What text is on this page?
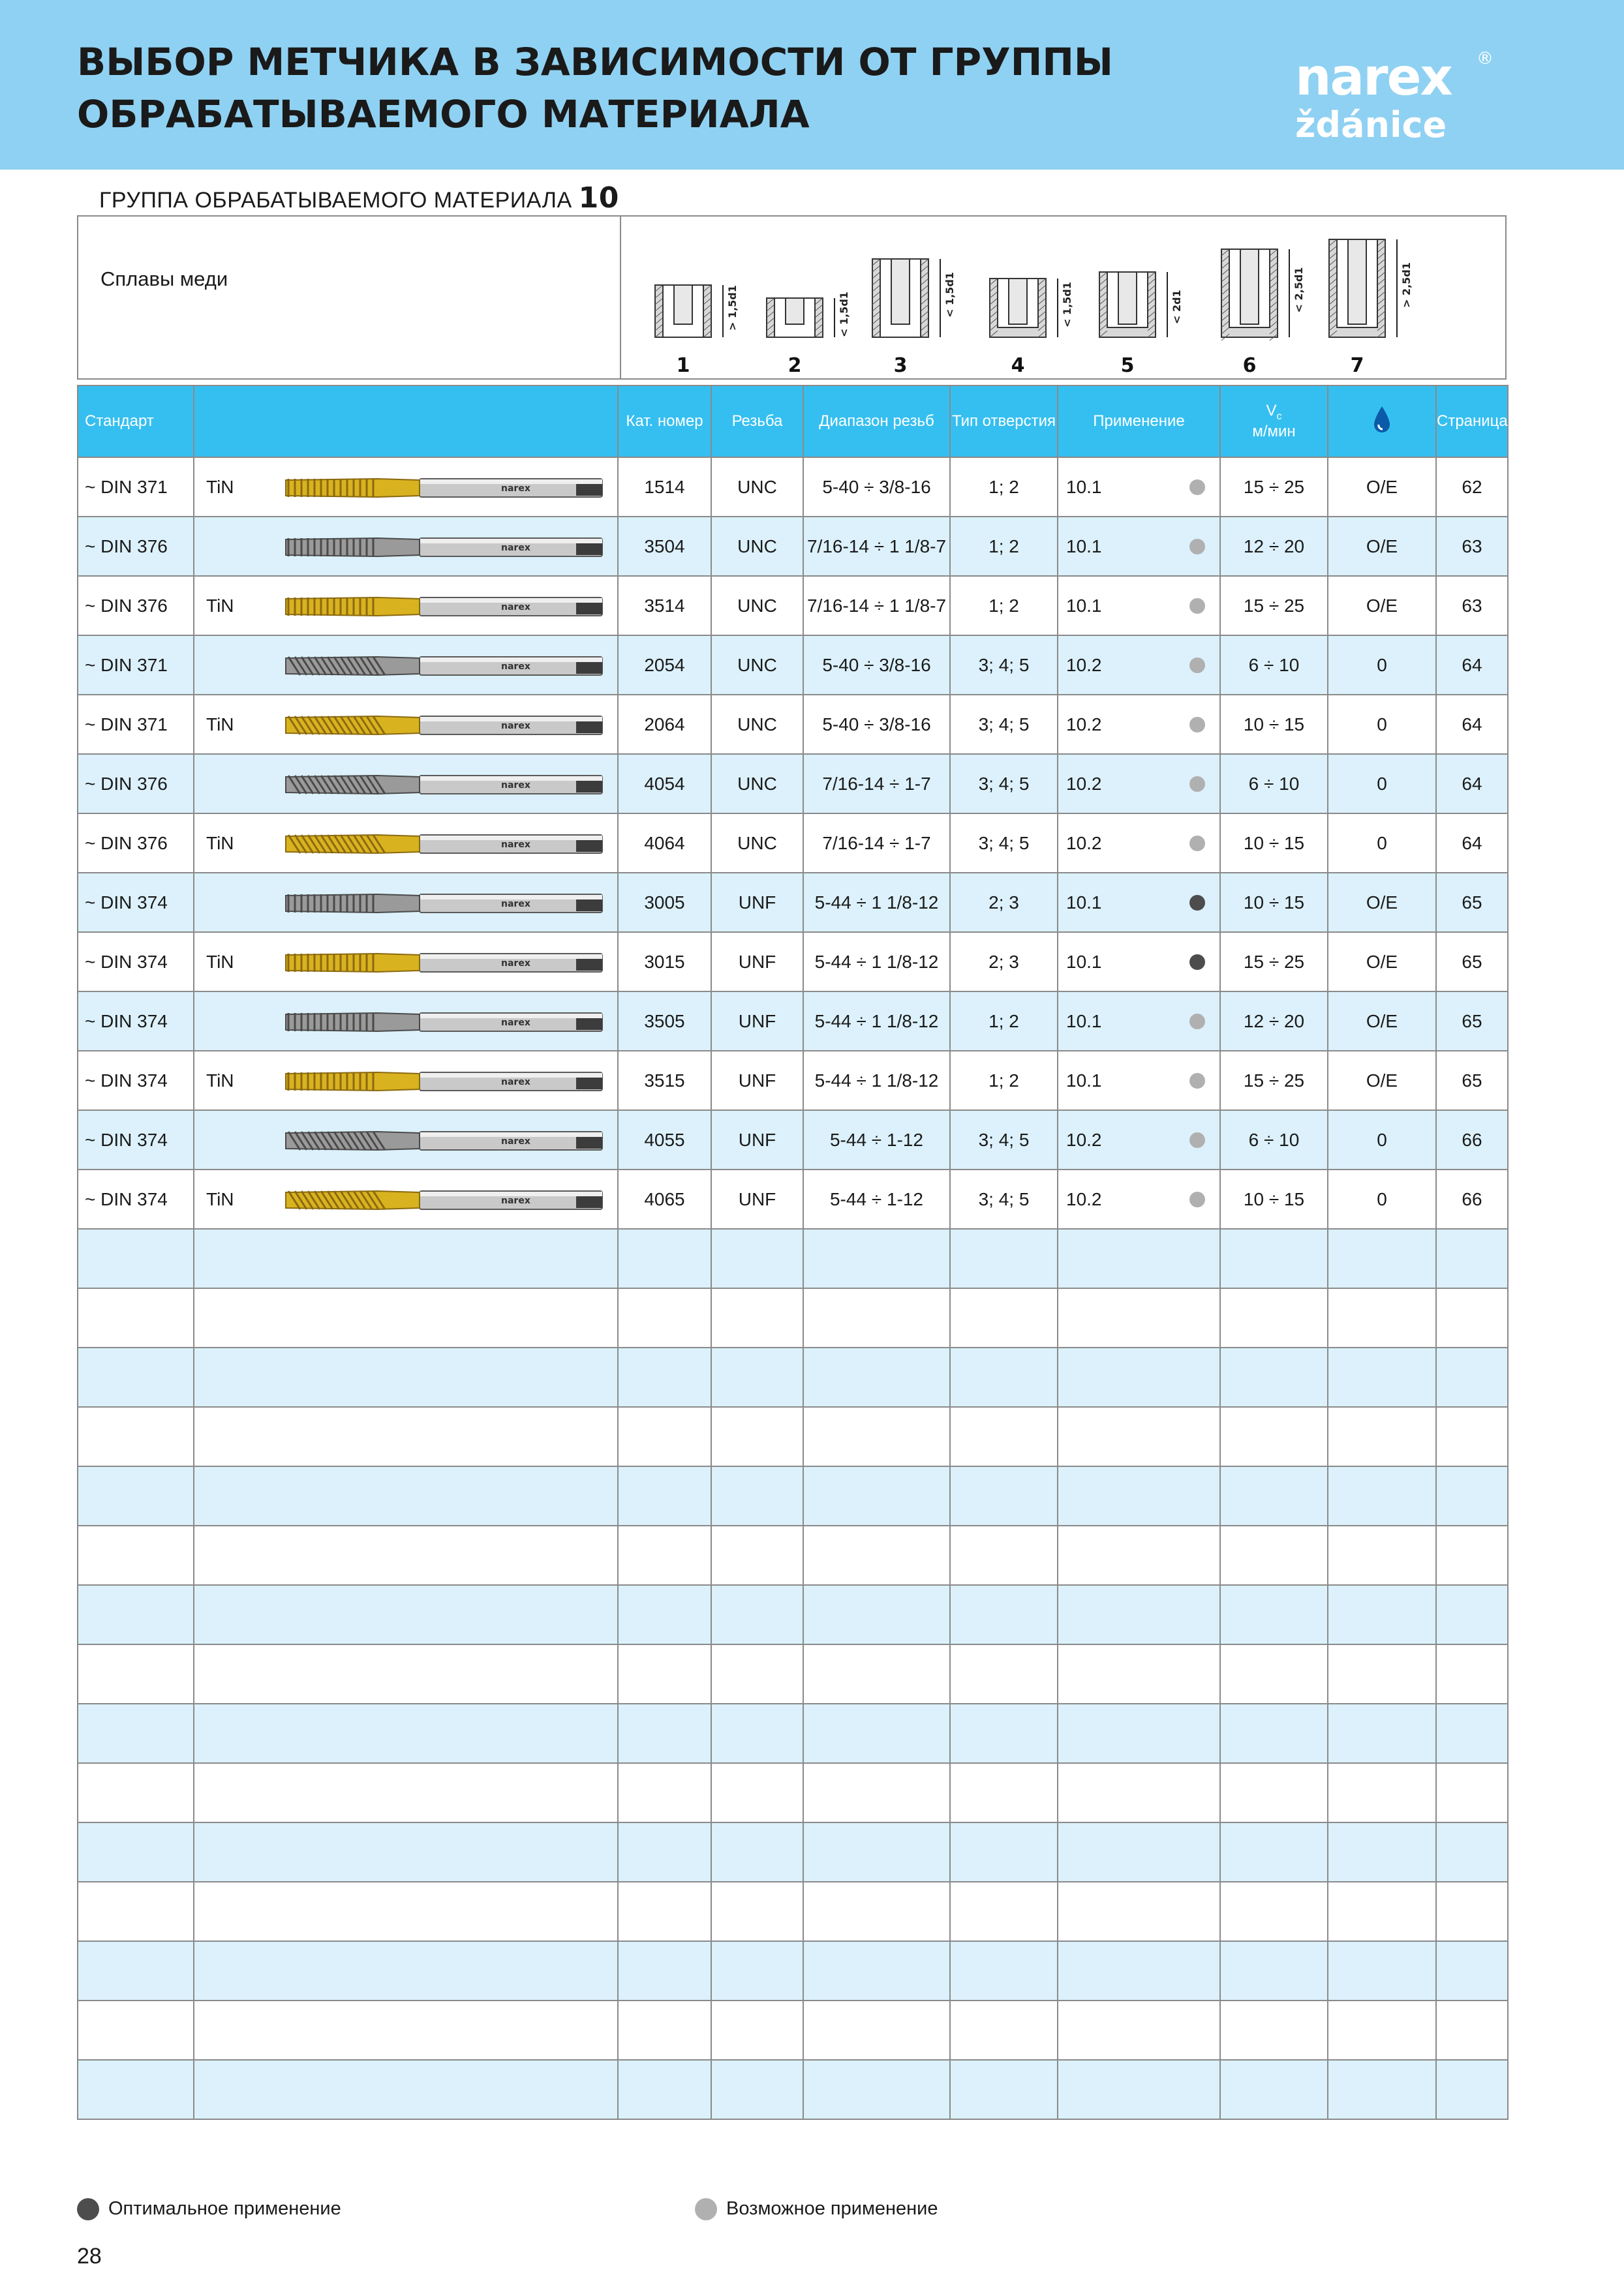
ВЫБОР МЕТЧИКА В ЗАВИСИМОСТИ ОТ ГРУППЫ
ОБРАБАТЫВАЕМОГО МАТЕРИАЛА
narex
ždánice
®
ГРУППА ОБРАБАТЫВАЕМОГО МАТЕРИАЛА 10
Сплавы меди
> 1,5d1
1
< 1,5d1
2
< 1,5d1
3
< 1,5d1
4
< 2d1
5
< 2,5d1
6
> 2,5d1
7
Стандарт		Кат. номер	Резьба	Диапазон резьб	Тип отверстия	Применение	$V_c$
м/мин		Страница
~ DIN 371	TiN narex	1514	UNC	5-40 ÷ 3/8-16	1; 2	10.1	15 ÷ 25	O/E	62
~ DIN 376	narex	3504	UNC	7/16-14 ÷ 1 1/8-7	1; 2	10.1	12 ÷ 20	O/E	63
~ DIN 376	TiN narex	3514	UNC	7/16-14 ÷ 1 1/8-7	1; 2	10.1	15 ÷ 25	O/E	63
~ DIN 371	narex	2054	UNC	5-40 ÷ 3/8-16	3; 4; 5	10.2	6 ÷ 10	0	64
~ DIN 371	TiN narex	2064	UNC	5-40 ÷ 3/8-16	3; 4; 5	10.2	10 ÷ 15	0	64
~ DIN 376	narex	4054	UNC	7/16-14 ÷ 1-7	3; 4; 5	10.2	6 ÷ 10	0	64
~ DIN 376	TiN narex	4064	UNC	7/16-14 ÷ 1-7	3; 4; 5	10.2	10 ÷ 15	0	64
~ DIN 374	narex	3005	UNF	5-44 ÷ 1 1/8-12	2; 3	10.1	10 ÷ 15	O/E	65
~ DIN 374	TiN narex	3015	UNF	5-44 ÷ 1 1/8-12	2; 3	10.1	15 ÷ 25	O/E	65
~ DIN 374	narex	3505	UNF	5-44 ÷ 1 1/8-12	1; 2	10.1	12 ÷ 20	O/E	65
~ DIN 374	TiN narex	3515	UNF	5-44 ÷ 1 1/8-12	1; 2	10.1	15 ÷ 25	O/E	65
~ DIN 374	narex	4055	UNF	5-44 ÷ 1-12	3; 4; 5	10.2	6 ÷ 10	0	66
~ DIN 374	TiN narex	4065	UNF	5-44 ÷ 1-12	3; 4; 5	10.2	10 ÷ 15	0	66

Оптимальное применение	Возможное применение
28
